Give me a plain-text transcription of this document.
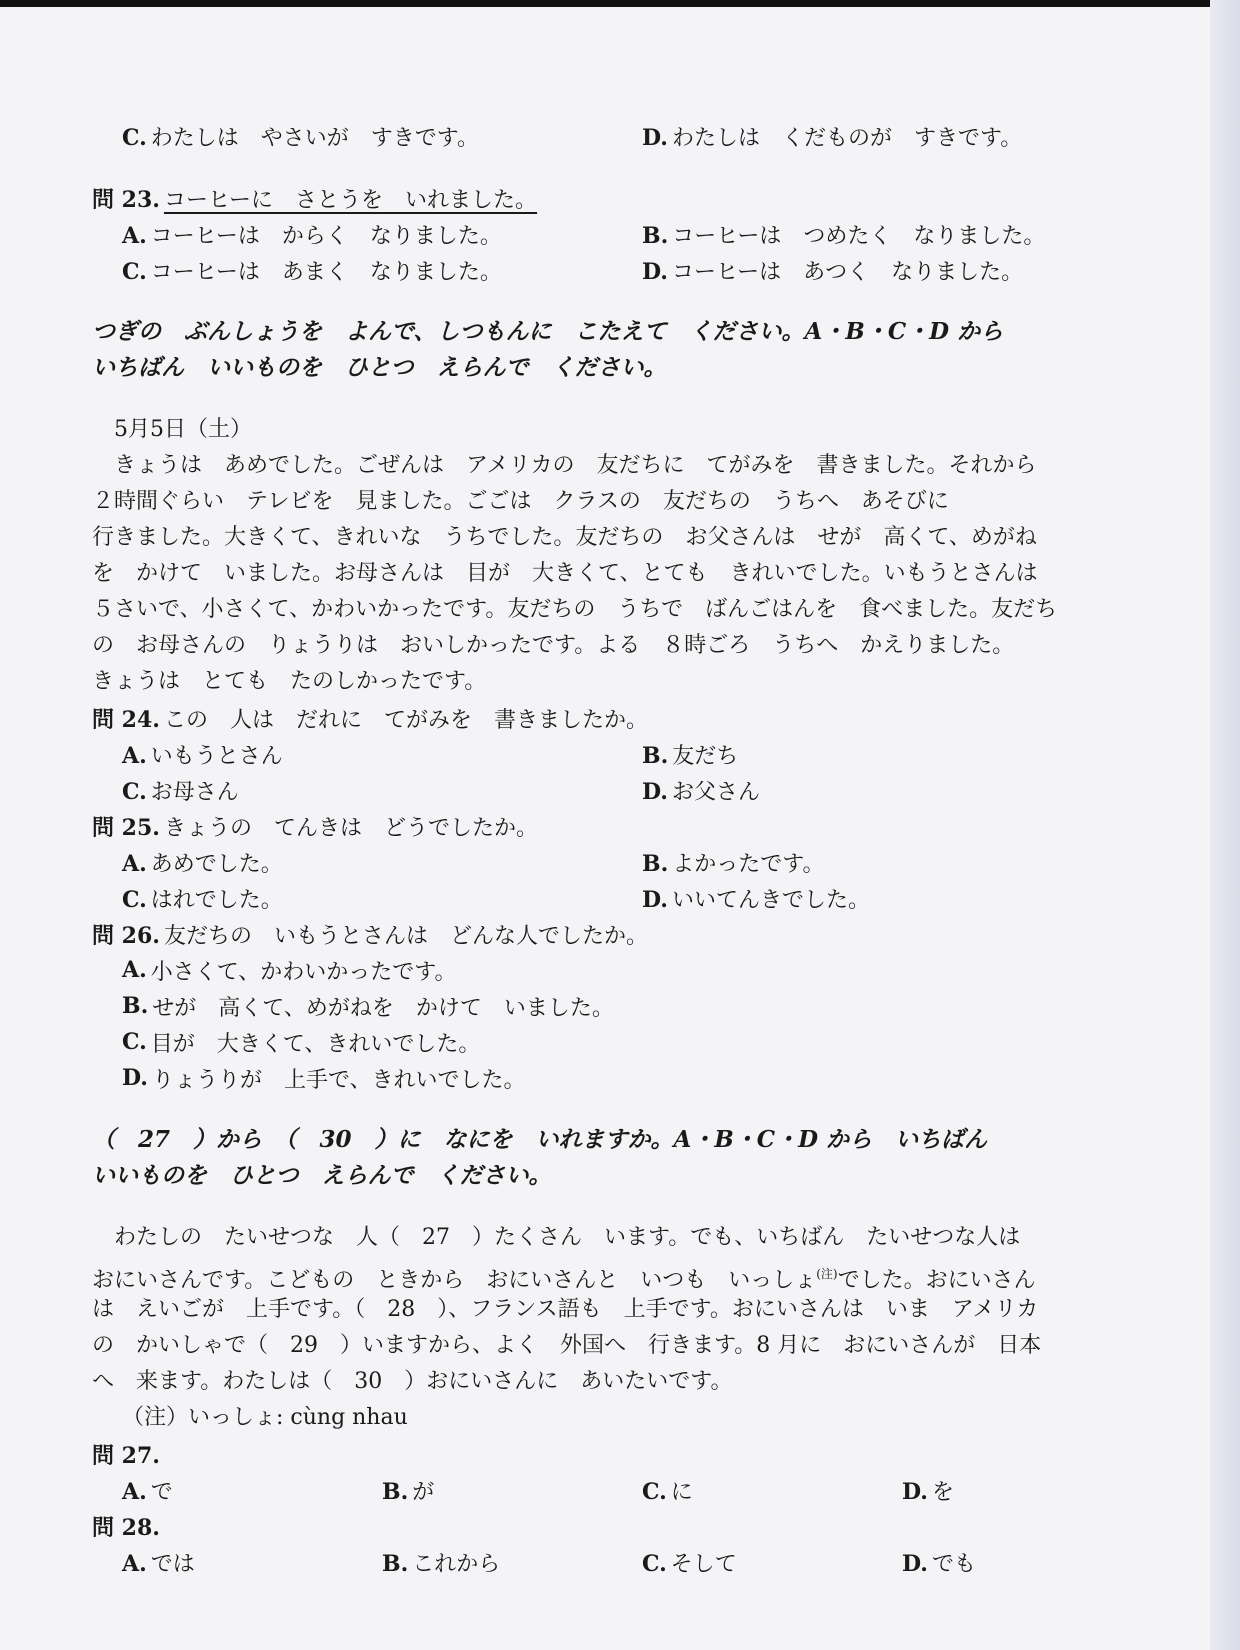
C. わたしは　やさいが　すきです。	D. わたしは　くだものが　すきです。
問 23. コーヒーに　さとうを　いれました。
A. コーヒーは　からく　なりました。	B. コーヒーは　つめたく　なりました。
C. コーヒーは　あまく　なりました。	D. コーヒーは　あつく　なりました。
つぎの　ぶんしょうを　よんで、しつもんに　こたえて　ください。A・B・C・D から
いちばん　いいものを　ひとつ　えらんで　ください。
5月5日（土）
きょうは　あめでした。ごぜんは　アメリカの　友だちに　てがみを　書きました。それから
２時間ぐらい　テレビを　見ました。ごごは　クラスの　友だちの　うちへ　あそびに
行きました。大きくて、きれいな　うちでした。友だちの　お父さんは　せが　高くて、めがね
を　かけて　いました。お母さんは　目が　大きくて、とても　きれいでした。いもうとさんは
５さいで、小さくて、かわいかったです。友だちの　うちで　ばんごはんを　食べました。友だち
の　お母さんの　りょうりは　おいしかったです。よる　８時ごろ　うちへ　かえりました。
きょうは　とても　たのしかったです。
問 24. この　人は　だれに　てがみを　書きましたか。
A. いもうとさん	B. 友だち
C. お母さん	D. お父さん
問 25. きょうの　てんきは　どうでしたか。
A. あめでした。	B. よかったです。
C. はれでした。	D. いいてんきでした。
問 26. 友だちの　いもうとさんは　どんな人でしたか。
A. 小さくて、かわいかったです。
B. せが　高くて、めがねを　かけて　いました。
C. 目が　大きくて、きれいでした。
D. りょうりが　上手で、きれいでした。
（　27　）から　（　30　）に　なにを　いれますか。A・B・C・D から　いちばん
いいものを　ひとつ　えらんで　ください。
わたしの　たいせつな　人（　27　）たくさん　います。でも、いちばん　たいせつな人は
おにいさんです。こどもの　ときから　おにいさんと　いつも　いっしょ$^{(注)}$でした。おにいさん
は　えいごが　上手です。（　28　）、フランス語も　上手です。おにいさんは　いま　アメリカ
の　かいしゃで（　29　）いますから、よく　外国へ　行きます。8 月に　おにいさんが　日本
へ　来ます。わたしは（　30　）おにいさんに　あいたいです。
（注）いっしょ: cùng nhau
問 27.
A. で	B. が	C. に	D. を
問 28.
A. では	B. これから	C. そして	D. でも
